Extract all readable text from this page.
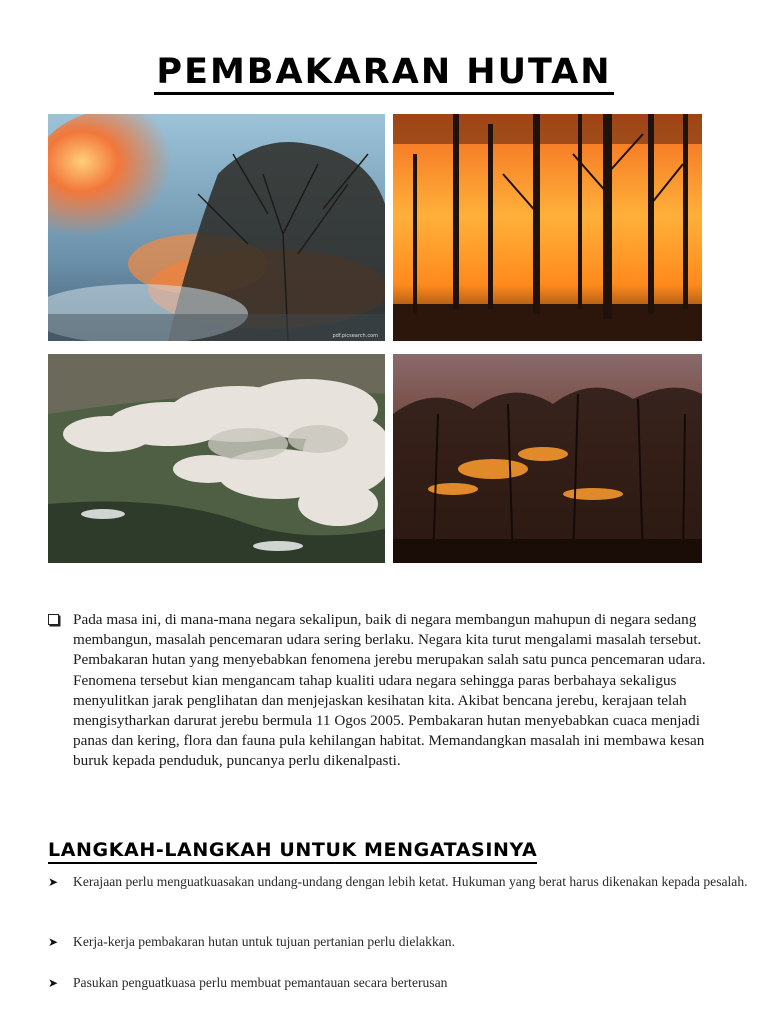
PEMBAKARAN HUTAN
pdf.picsearch.com
Pada masa ini, di mana-mana negara sekalipun, baik di negara membangun mahupun di negara sedang membangun, masalah pencemaran udara sering berlaku. Negara kita turut mengalami masalah tersebut. Pembakaran hutan yang menyebabkan fenomena jerebu merupakan salah satu punca pencemaran udara. Fenomena tersebut kian mengancam tahap kualiti udara negara sehingga paras berbahaya sekaligus menyulitkan jarak penglihatan dan menjejaskan kesihatan kita. Akibat bencana jerebu, kerajaan telah mengisytharkan darurat jerebu bermula 11 Ogos 2005. Pembakaran hutan menyebabkan cuaca menjadi panas dan kering, flora dan fauna pula kehilangan habitat. Memandangkan masalah ini membawa kesan buruk kepada penduduk, puncanya perlu dikenalpasti.
LANGKAH-LANGKAH UNTUK MENGATASINYA
➤ Kerajaan perlu menguatkuasakan undang-undang dengan lebih ketat. Hukuman yang berat harus dikenakan kepada pesalah.
➤ Kerja-kerja pembakaran hutan untuk tujuan pertanian perlu dielakkan.
➤ Pasukan penguatkuasa perlu membuat pemantauan secara berterusan
